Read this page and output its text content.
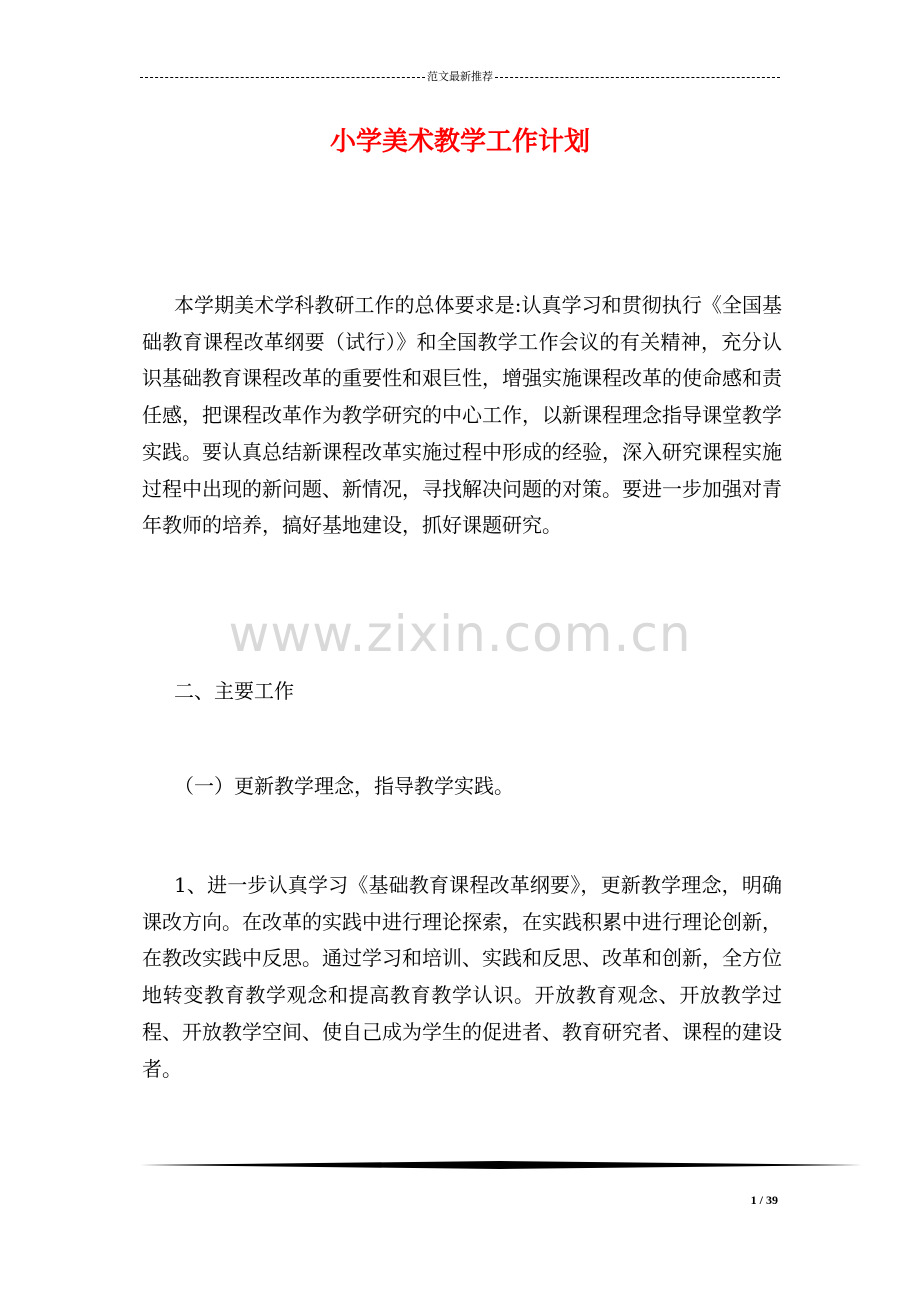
范文最新推荐
小学美术教学工作计划
本学期美术学科教研工作的总体要求是:认真学习和贯彻执行《全国基础教育课程改革纲要（试行）》和全国教学工作会议的有关精神，充分认识基础教育课程改革的重要性和艰巨性，增强实施课程改革的使命感和责任感，把课程改革作为教学研究的中心工作，以新课程理念指导课堂教学实践。要认真总结新课程改革实施过程中形成的经验，深入研究课程实施过程中出现的新问题、新情况，寻找解决问题的对策。要进一步加强对青年教师的培养，搞好基地建设，抓好课题研究。
www.zixin.com.cn
二、主要工作
（一）更新教学理念，指导教学实践。
1、进一步认真学习《基础教育课程改革纲要》，更新教学理念，明确课改方向。在改革的实践中进行理论探索，在实践积累中进行理论创新，在教改实践中反思。通过学习和培训、实践和反思、改革和创新，全方位地转变教育教学观念和提高教育教学认识。开放教育观念、开放教学过程、开放教学空间、使自己成为学生的促进者、教育研究者、课程的建设者。
1 / 39
